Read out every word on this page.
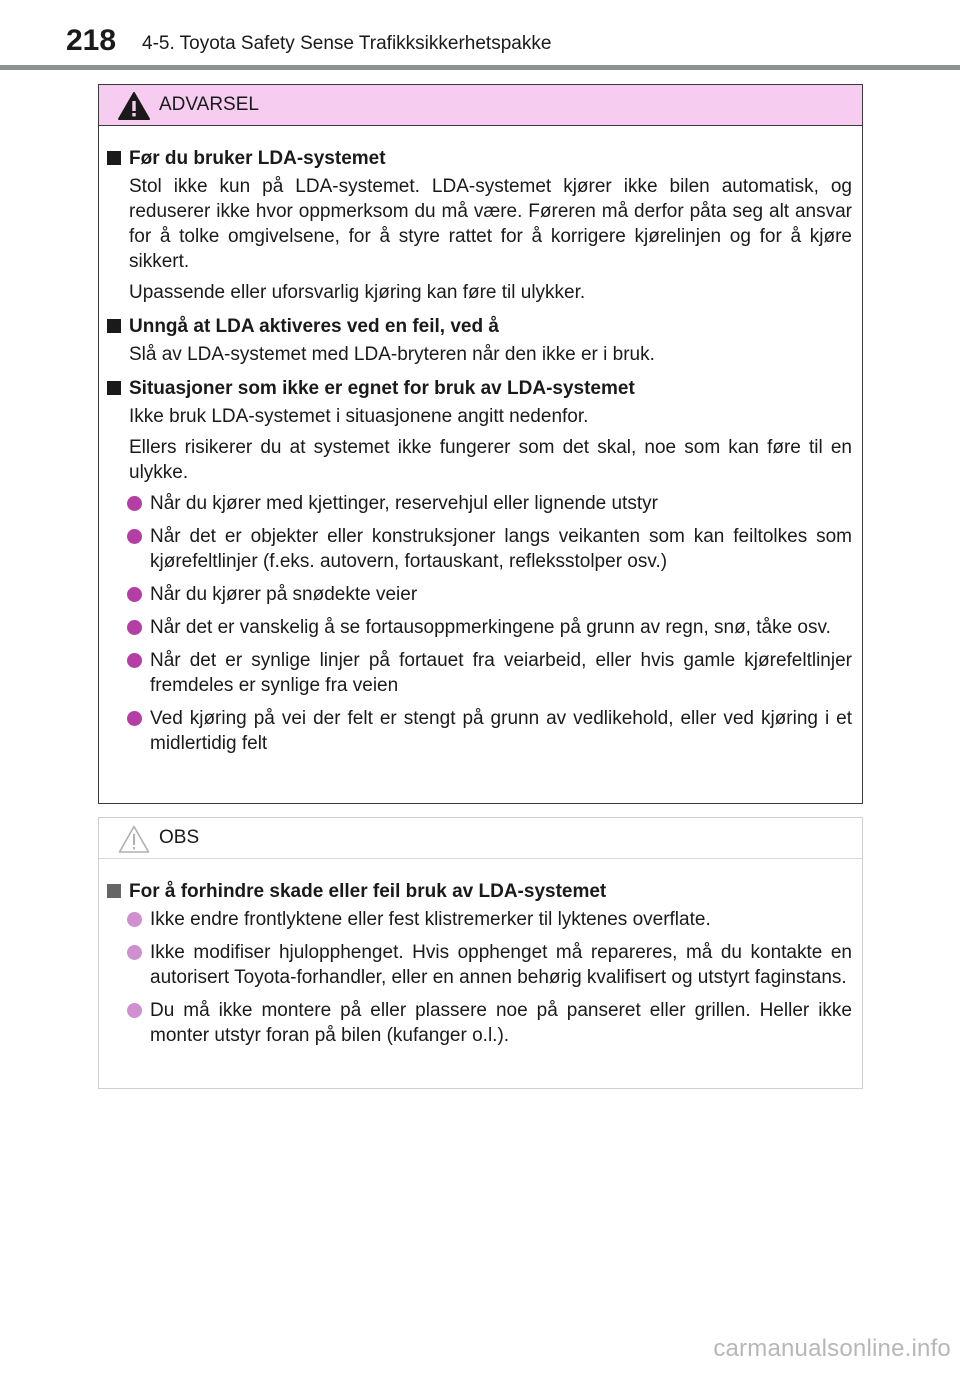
218 4-5. Toyota Safety Sense Trafikksikkerhetspakke
ADVARSEL
Før du bruker LDA-systemet
Stol ikke kun på LDA-systemet. LDA-systemet kjører ikke bilen automatisk, og reduserer ikke hvor oppmerksom du må være. Føreren må derfor påta seg alt ansvar for å tolke omgivelsene, for å styre rattet for å korrigere kjørelinjen og for å kjøre sikkert.
Upassende eller uforsvarlig kjøring kan føre til ulykker.
Unngå at LDA aktiveres ved en feil, ved å
Slå av LDA-systemet med LDA-bryteren når den ikke er i bruk.
Situasjoner som ikke er egnet for bruk av LDA-systemet
Ikke bruk LDA-systemet i situasjonene angitt nedenfor.
Ellers risikerer du at systemet ikke fungerer som det skal, noe som kan føre til en ulykke.
Når du kjører med kjettinger, reservehjul eller lignende utstyr
Når det er objekter eller konstruksjoner langs veikanten som kan feiltolkes som kjørefeltlinjer (f.eks. autovern, fortauskant, refleksstolper osv.)
Når du kjører på snødekte veier
Når det er vanskelig å se fortausoppmerkingene på grunn av regn, snø, tåke osv.
Når det er synlige linjer på fortauet fra veiarbeid, eller hvis gamle kjørefeltlinjer fremdeles er synlige fra veien
Ved kjøring på vei der felt er stengt på grunn av vedlikehold, eller ved kjøring i et midlertidig felt
OBS
For å forhindre skade eller feil bruk av LDA-systemet
Ikke endre frontlyktene eller fest klistremerker til lyktenes overflate.
Ikke modifiser hjulopphenget. Hvis opphenget må repareres, må du kontakte en autorisert Toyota-forhandler, eller en annen behørig kvalifisert og utstyrt faginstans.
Du må ikke montere på eller plassere noe på panseret eller grillen. Heller ikke monter utstyr foran på bilen (kufanger o.l.).
carmanualsonline.info
